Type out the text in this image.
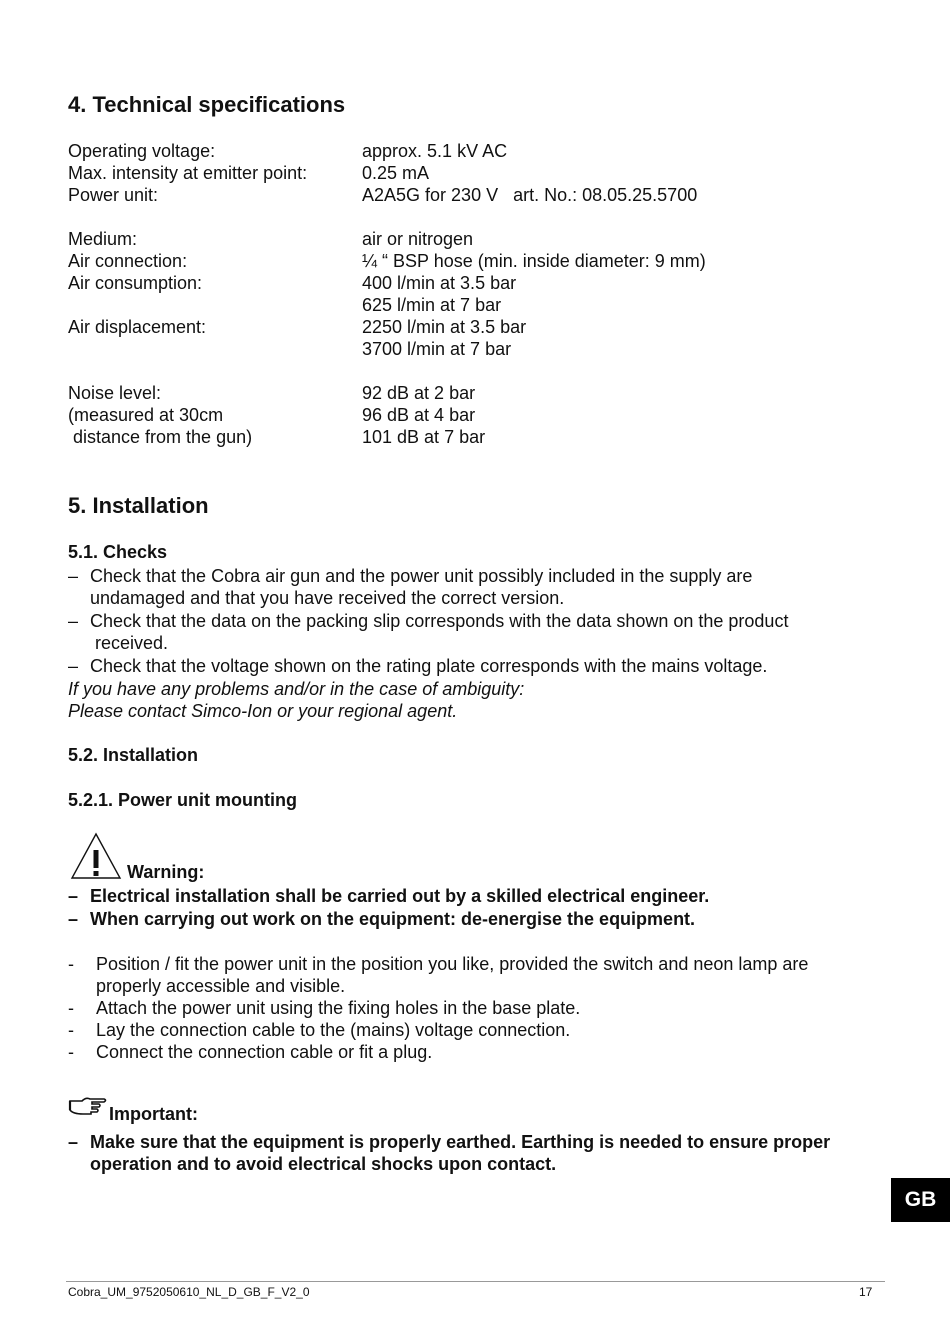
4. Technical specifications
Operating voltage:	approx. 5.1 kV AC
Max. intensity at emitter point:	0.25 mA
Power unit:	A2A5G for 230 V   art. No.: 08.05.25.5700
Medium:	air or nitrogen
Air connection:	¼ “ BSP hose (min. inside diameter: 9 mm)
Air consumption:	400 l/min at 3.5 bar
625 l/min at 7 bar
Air displacement:	2250 l/min at 3.5 bar
3700 l/min at 7 bar
Noise level:	92 dB at 2 bar
(measured at 30cm	96 dB at 4 bar
distance from the gun)	101 dB at 7 bar
5. Installation
5.1. Checks
– Check that the Cobra air gun and the power unit possibly included in the supply are
undamaged and that you have received the correct version.
– Check that the data on the packing slip corresponds with the data shown on the product
received.
– Check that the voltage shown on the rating plate corresponds with the mains voltage.
If you have any problems and/or in the case of ambiguity:
Please contact Simco-Ion or your regional agent.
5.2. Installation
5.2.1. Power unit mounting
Warning:
– Electrical installation shall be carried out by a skilled electrical engineer.
– When carrying out work on the equipment: de-energise the equipment.
- Position / fit the power unit in the position you like, provided the switch and neon lamp are
properly accessible and visible.
- Attach the power unit using the fixing holes in the base plate.
- Lay the connection cable to the (mains) voltage connection.
- Connect the connection cable or fit a plug.
Important:
– Make sure that the equipment is properly earthed. Earthing is needed to ensure proper
operation and to avoid electrical shocks upon contact.
GB
Cobra_UM_9752050610_NL_D_GB_F_V2_0	17
